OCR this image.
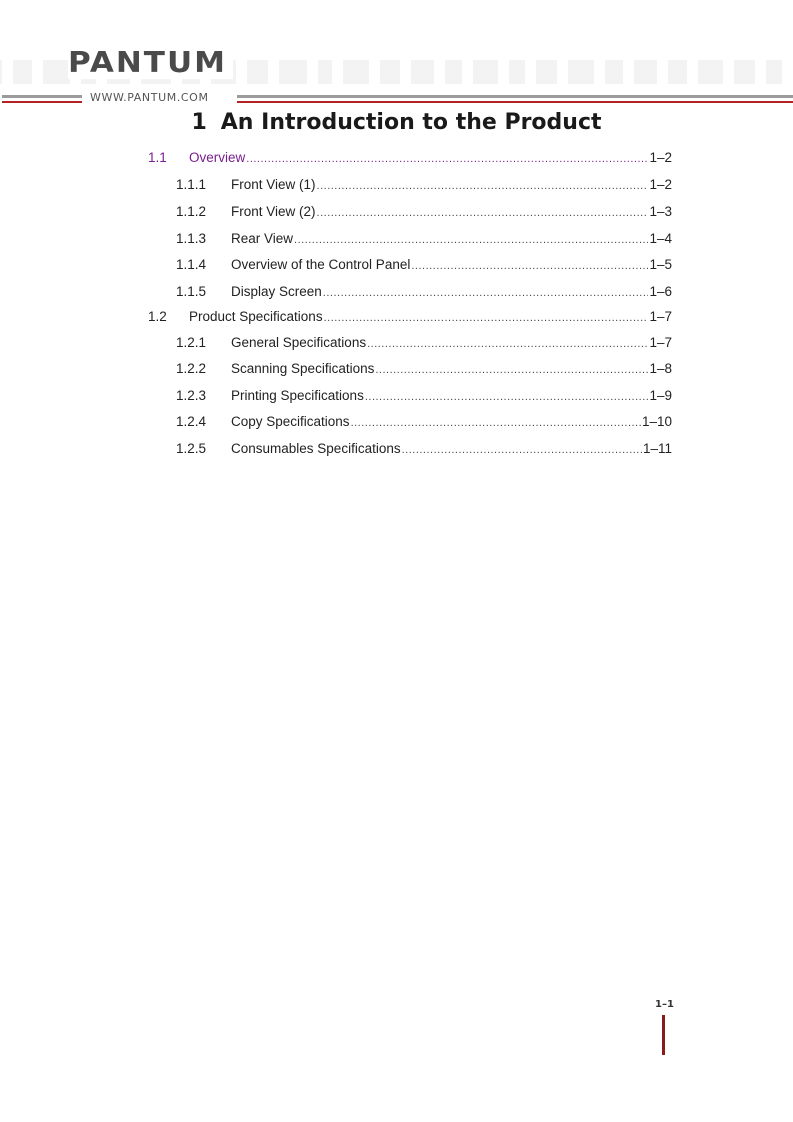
PANTUM
WWW.PANTUM.COM
1 An Introduction to the Product
1.1	Overview .....	1–2
1.1.1	Front View (1) .....	1–2
1.1.2	Front View (2) .....	1–3
1.1.3	Rear View .....	1–4
1.1.4	Overview of the Control Panel .....	1–5
1.1.5	Display Screen .....	1–6
1.2	Product Specifications .....	1–7
1.2.1	General Specifications .....	1–7
1.2.2	Scanning Specifications .....	1–8
1.2.3	Printing Specifications .....	1–9
1.2.4	Copy Specifications .....	1–10
1.2.5	Consumables Specifications .....	1–11
1–1
